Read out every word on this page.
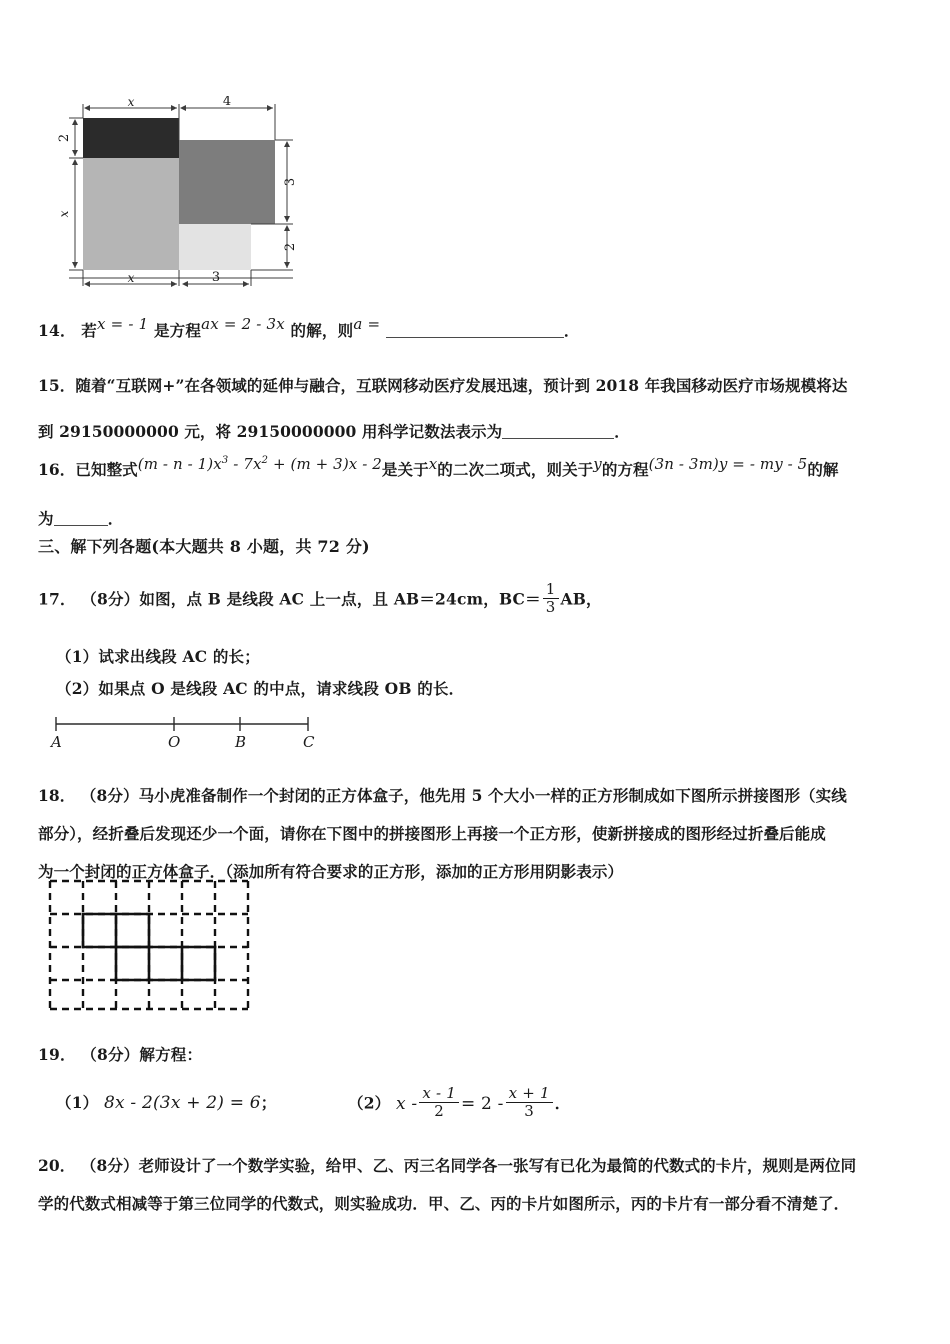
x	4
2
x
3
2
x	3
14． 若x = - 1 是方程ax = 2 - 3x 的解，则a =	．
15．随着“互联网+”在各领域的延伸与融合，互联网移动医疗发展迅速，预计到 2018 年我国移动医疗市场规模将达
到 29150000000 元，将 29150000000 用科学记数法表示为	．
16．已知整式$(m - n - 1)x^3 - 7x^2 + (m + 3)x - 2$是关于x的二次二项式，则关于y的方程(3n - 3m)y = - my - 5的解
为	．
三、解下列各题(本大题共 8 小题，共 72 分)
17． （8分）如图，点 B 是线段 AC 上一点，且 AB＝24cm，$BC= \frac{1}{3}$ AB，
（1）试求出线段 AC 的长；
（2）如果点 O 是线段 AC 的中点，请求线段 OB 的长．
A	O	B	C
18． （8分）马小虎准备制作一个封闭的正方体盒子，他先用 5 个大小一样的正方形制成如下图所示拼接图形（实线
部分），经折叠后发现还少一个面，请你在下图中的拼接图形上再接一个正方形，使新拼接成的图形经过折叠后能成
为一个封闭的正方体盒子．（添加所有符合要求的正方形，添加的正方形用阴影表示）
19． （8分）解方程：
（1） 8x - 2(3x + 2) = 6；	（2） $x - \frac{x - 1}{2} = 2 - \frac{x + 1}{3}$ ．
20． （8分）老师设计了一个数学实验，给甲、乙、丙三名同学各一张写有已化为最简的代数式的卡片，规则是两位同
学的代数式相减等于第三位同学的代数式，则实验成功．甲、乙、丙的卡片如图所示，丙的卡片有一部分看不清楚了．
